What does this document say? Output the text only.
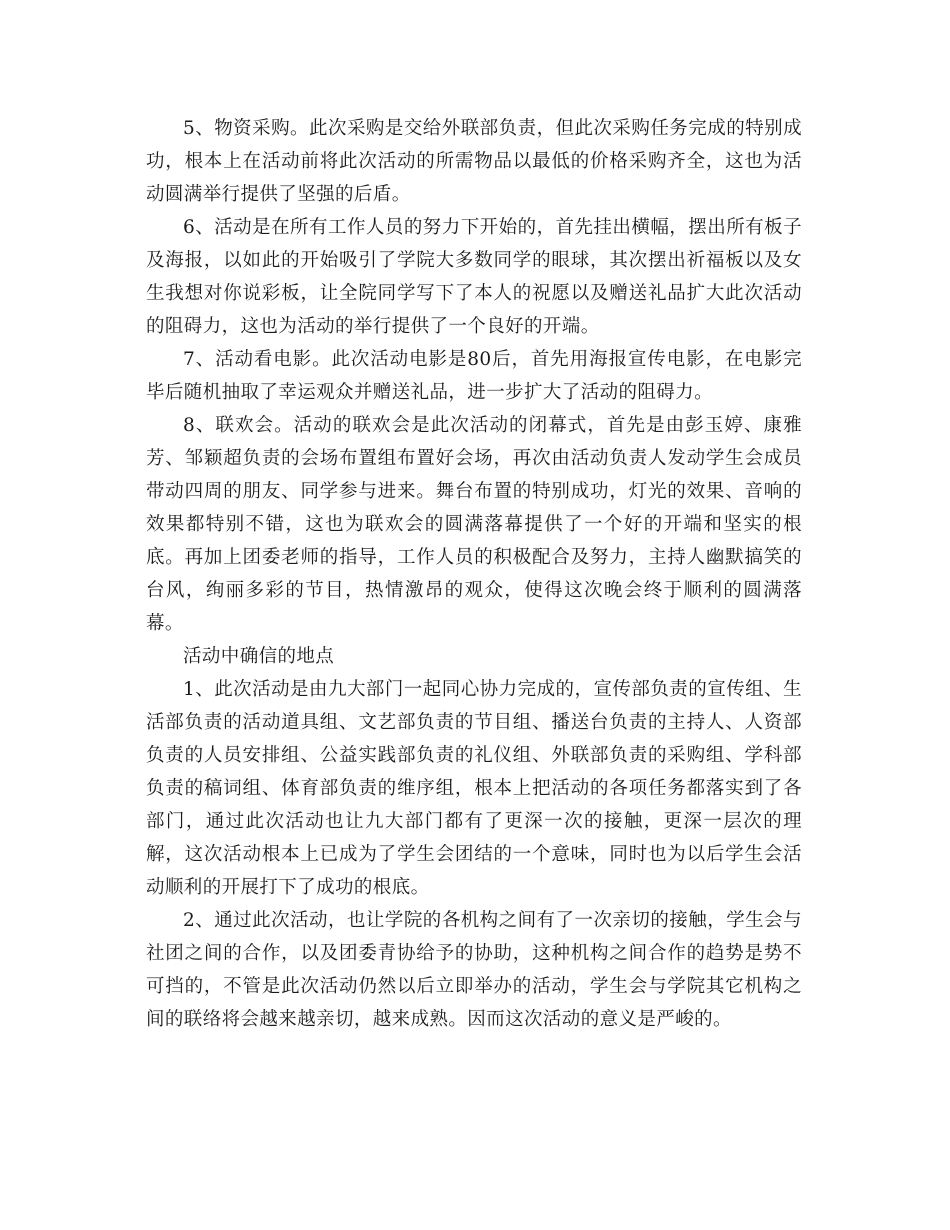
5、物资采购。此次采购是交给外联部负责，但此次采购任务完成的特别成功，根本上在活动前将此次活动的所需物品以最低的价格采购齐全，这也为活动圆满举行提供了坚强的后盾。

6、活动是在所有工作人员的努力下开始的，首先挂出横幅，摆出所有板子及海报，以如此的开始吸引了学院大多数同学的眼球，其次摆出祈福板以及女生我想对你说彩板，让全院同学写下了本人的祝愿以及赠送礼品扩大此次活动的阻碍力，这也为活动的举行提供了一个良好的开端。

7、活动看电影。此次活动电影是80后，首先用海报宣传电影，在电影完毕后随机抽取了幸运观众并赠送礼品，进一步扩大了活动的阻碍力。

8、联欢会。活动的联欢会是此次活动的闭幕式，首先是由彭玉婷、康雅芳、邹颖超负责的会场布置组布置好会场，再次由活动负责人发动学生会成员带动四周的朋友、同学参与进来。舞台布置的特别成功，灯光的效果、音响的效果都特别不错，这也为联欢会的圆满落幕提供了一个好的开端和坚实的根底。再加上团委老师的指导，工作人员的积极配合及努力，主持人幽默搞笑的台风，绚丽多彩的节目，热情激昂的观众，使得这次晚会终于顺利的圆满落幕。

活动中确信的地点

1、此次活动是由九大部门一起同心协力完成的，宣传部负责的宣传组、生活部负责的活动道具组、文艺部负责的节目组、播送台负责的主持人、人资部负责的人员安排组、公益实践部负责的礼仪组、外联部负责的采购组、学科部负责的稿词组、体育部负责的维序组，根本上把活动的各项任务都落实到了各部门，通过此次活动也让九大部门都有了更深一次的接触，更深一层次的理解，这次活动根本上已成为了学生会团结的一个意味，同时也为以后学生会活动顺利的开展打下了成功的根底。

2、通过此次活动，也让学院的各机构之间有了一次亲切的接触，学生会与社团之间的合作，以及团委青协给予的协助，这种机构之间合作的趋势是势不可挡的，不管是此次活动仍然以后立即举办的活动，学生会与学院其它机构之间的联络将会越来越亲切，越来成熟。因而这次活动的意义是严峻的。
